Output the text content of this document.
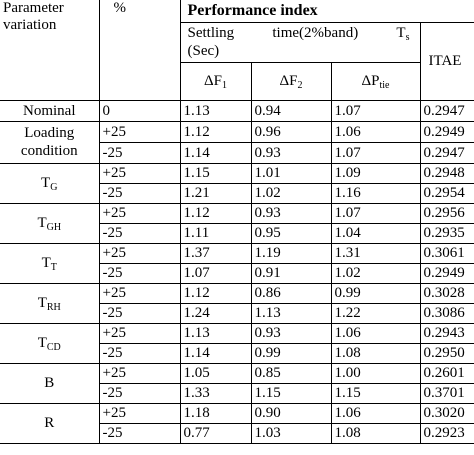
Parameter variation	%	Performance index			

		Settling time(2%band) $T_s$
(Sec)			ITAE
		$\Delta F_1$	$\Delta F_2$	$\Delta P_{tie}$
Nominal	0	1.13	0.94	1.07	0.2947
Loading condition	+25	1.12	0.96	1.06	0.2949
	-25	1.14	0.93	1.07	0.2947
$T_G$	+25	1.15	1.01	1.09	0.2948
	-25	1.21	1.02	1.16	0.2954
$T_{GH}$	+25	1.12	0.93	1.07	0.2956
	-25	1.11	0.95	1.04	0.2935
$T_T$	+25	1.37	1.19	1.31	0.3061
	-25	1.07	0.91	1.02	0.2949
$T_{RH}$	+25	1.12	0.86	0.99	0.3028
	-25	1.24	1.13	1.22	0.3086
$T_{CD}$	+25	1.13	0.93	1.06	0.2943
	-25	1.14	0.99	1.08	0.2950
B	+25	1.05	0.85	1.00	0.2601
	-25	1.33	1.15	1.15	0.3701
R	+25	1.18	0.90	1.06	0.3020
	-25	0.77	1.03	1.08	0.2923
